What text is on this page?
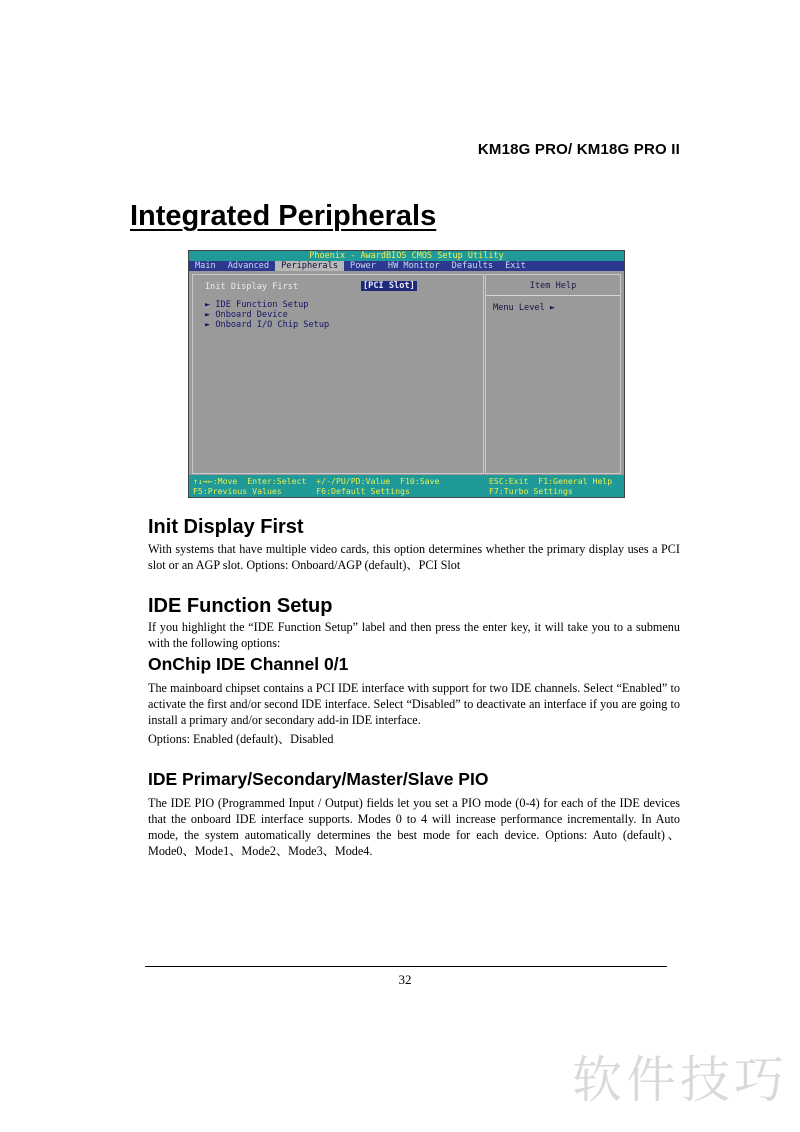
KM18G PRO/ KM18G PRO II
Integrated Peripherals
Phoenix - AwardBIOS CMOS Setup Utility
Main Advanced Peripherals Power HW Monitor Defaults Exit
Init Display First	[PCI Slot]
► IDE Function Setup
► Onboard Device
► Onboard I/O Chip Setup
Item Help
Menu Level ►
↑↓→←:Move  Enter:Select  +/-/PU/PD:Value  F10:Save
F5:Previous Values       F6:Default Settings
ESC:Exit  F1:General Help
F7:Turbo Settings
Init Display First
With systems that have multiple video cards, this option determines whether the primary display uses a PCI slot or an AGP slot. Options: Onboard/AGP (default)、PCI Slot
IDE Function Setup
If you highlight the “IDE Function Setup” label and then press the enter key, it will take you to a submenu with the following options:
OnChip IDE Channel 0/1
The mainboard chipset contains a PCI IDE interface with support for two IDE channels. Select “Enabled” to activate the first and/or second IDE interface. Select “Disabled” to deactivate an interface if you are going to install a primary and/or secondary add-in IDE interface.
Options: Enabled (default)、Disabled
IDE Primary/Secondary/Master/Slave PIO
The IDE PIO (Programmed Input / Output) fields let you set a PIO mode (0-4) for each of the IDE devices that the onboard IDE interface supports. Modes 0 to 4 will increase performance incrementally. In Auto mode, the system automatically determines the best mode for each device. Options: Auto (default)、Mode0、Mode1、Mode2、Mode3、Mode4.
32
软件技巧
